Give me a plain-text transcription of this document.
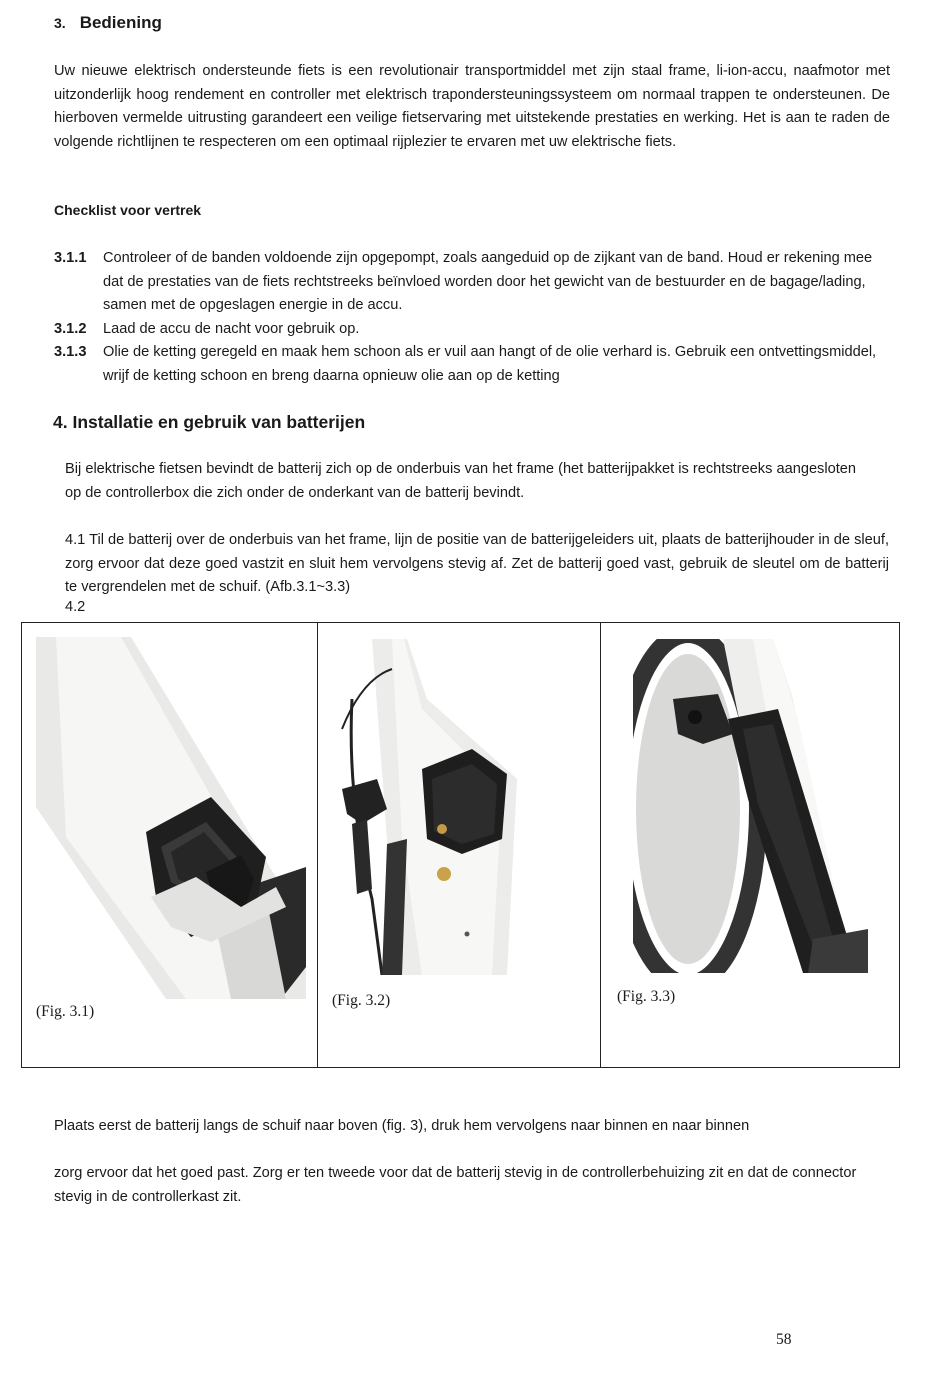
3. Bediening

Uw nieuwe elektrisch ondersteunde fiets is een revolutionair transportmiddel met zijn staal frame, li-ion-accu, naafmotor met uitzonderlijk hoog rendement en controller met elektrisch trapondersteuningssysteem om normaal trappen te ondersteunen. De hierboven vermelde uitrusting garandeert een veilige fietservaring met uitstekende prestaties en werking. Het is aan te raden de volgende richtlijnen te respecteren om een optimaal rijplezier te ervaren met uw elektrische fiets.

Checklist voor vertrek
3.1.1 Controleer of de banden voldoende zijn opgepompt, zoals aangeduid op de zijkant van de band. Houd er rekening mee dat de prestaties van de fiets rechtstreeks beïnvloed worden door het gewicht van de bestuurder en de bagage/lading, samen met de opgeslagen energie in de accu.
3.1.2 Laad de accu de nacht voor gebruik op.
3.1.3 Olie de ketting geregeld en maak hem schoon als er vuil aan hangt of de olie verhard is. Gebruik een ontvettingsmiddel, wrijf de ketting schoon en breng daarna opnieuw olie aan op de ketting
4. Installatie en gebruik van batterijen

Bij elektrische fietsen bevindt de batterij zich op de onderbuis van het frame (het batterijpakket is rechtstreeks aangesloten op de controllerbox die zich onder de onderkant van de batterij bevindt.

4.1 Til de batterij over de onderbuis van het frame, lijn de positie van de batterijgeleiders uit, plaats de batterijhouder in de sleuf, zorg ervoor dat deze goed vastzit en sluit hem vervolgens stevig af. Zet de batterij goed vast, gebruik de sleutel om de batterij te vergrendelen met de schuif. (Afb.3.1~3.3)

4.2
(Fig. 3.1)
(Fig. 3.2)	(Fig. 3.3)

Plaats eerst de batterij langs de schuif naar boven (fig. 3), druk hem vervolgens naar binnen en naar binnen

zorg ervoor dat het goed past. Zorg er ten tweede voor dat de batterij stevig in de controllerbehuizing zit en dat de connector stevig in de controllerkast zit.

58
